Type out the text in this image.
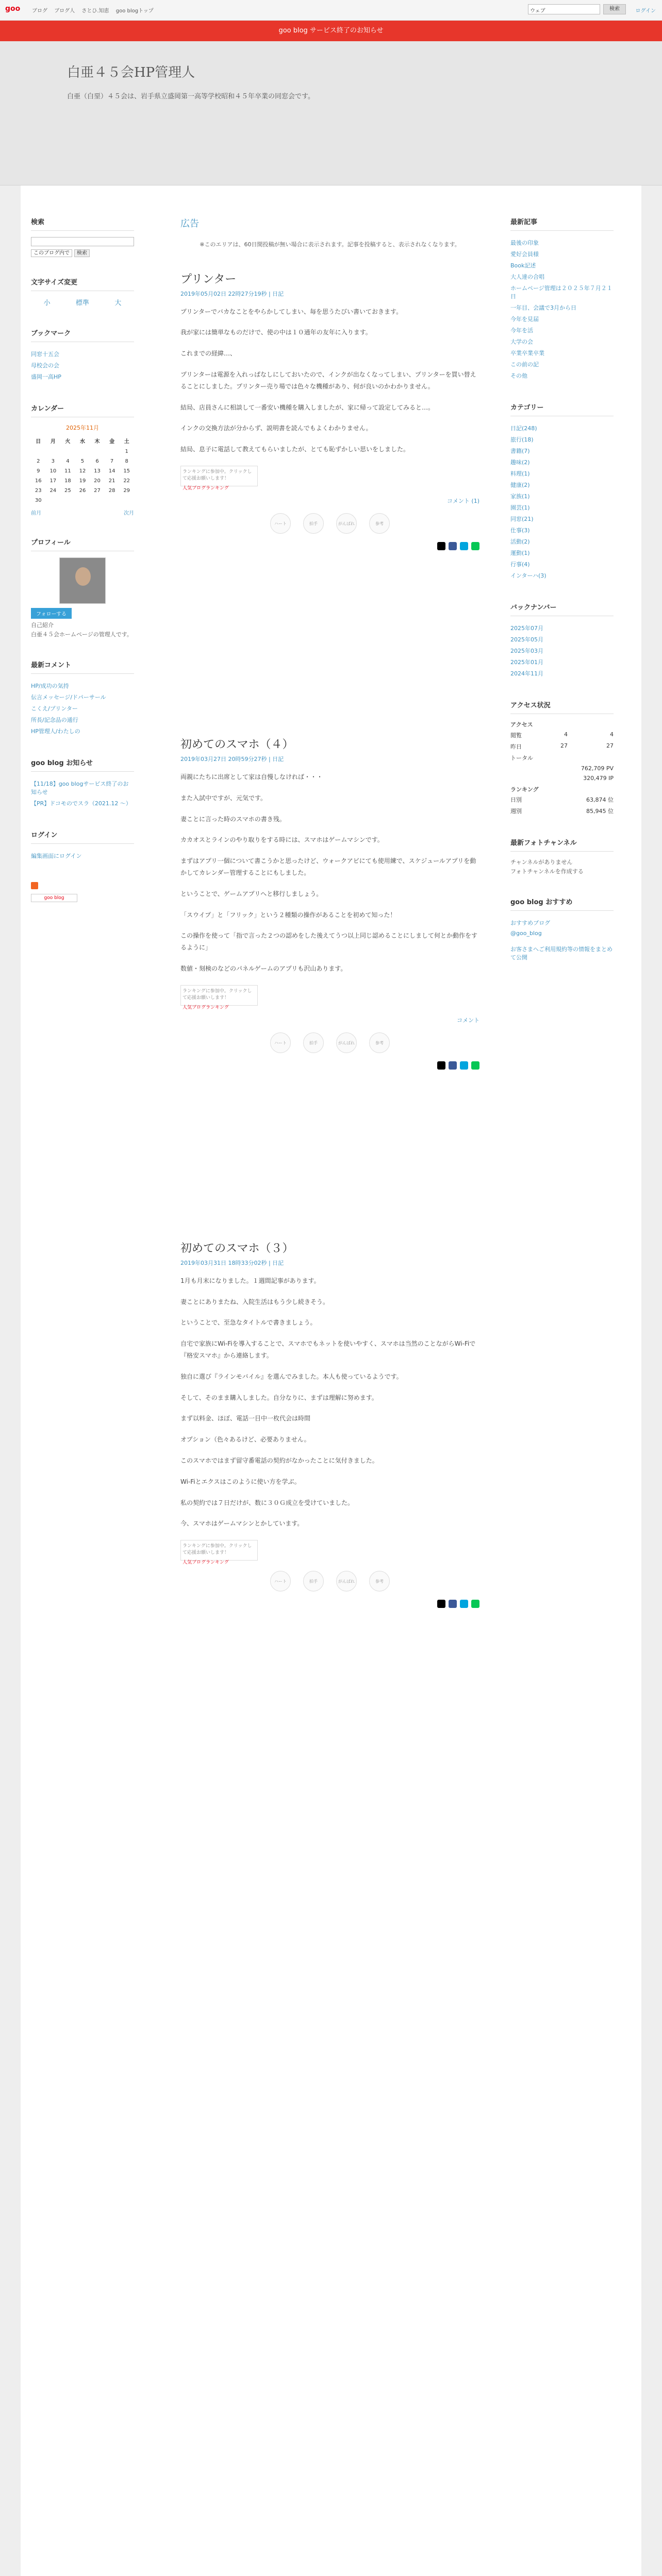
goo ブログ ブログ人 さとひ.知恵 goo blogトップ	ウェブ	検索	ログイン
goo blog サービス終了のお知らせ
白亜４５会HP管理人
白亜（白堊）４５会は、岩手県立盛岡第一高等学校昭和４５年卒業の同窓会です。
検索
このブログ内で 検索
文字サイズ変更
小	標準	大
ブックマーク
同窓十五会
母校会の会
盛岡一高HP
カレンダー
2025年11月
日	月	火	水	木	金	土
						1
2	3	4	5	6	7	8
9	10	11	12	13	14	15
16	17	18	19	20	21	22
23	24	25	26	27	28	29
30						
前月	次月
プロフィール
フォローする
自己紹介
白亜４５会ホームページの管理人です。
最新コメント
HP/成功の気持
伝言メッセージ/ドパーサール
こくえ/プリンター
所長/記念品の通行
HP管理人/わたしの
goo blog お知らせ
【11/18】goo blogサービス終了のお知らせ
【PR】ドコモのでスラ（2021.12 ～）
ログイン
編集画面にログイン
goo blog
広告
※このエリアは、60日間投稿が無い場合に表示されます。記事を投稿すると、表示されなくなります。
プリンター
2019年05月02日 22時27分19秒 | 日記

プリンターでバカなことをやらかしてしまい、毎を思うたびい書いておきます。

我が家には簡単なものだけで、使の中は１０通年の友年に入ります。

これまでの経緯…、

プリンターは電源を入れっぱなしにしておいたので、インクが出なくなってしまい、プリンターを買い替えることにしました。プリンター売り場では色々な機種があり、何が良いのかわかりません。

結局、店員さんに相談して一番安い機種を購入しましたが、家に帰って設定してみると…。

インクの交換方法が分からず、説明書を読んでもよくわかりません。

結局、息子に電話して教えてもらいましたが、とても恥ずかしい思いをしました。

ランキングに参加中。クリックして応援お願いします！
人気ブログランキング
コメント (1)
ハート	拍手	がんばれ	参考
初めてのスマホ（４）
2019年03月27日 20時59分27秒 | 日記

両親にたちに出席として家は自慢しなければ・・・

また入試中ですが、元気です。

妻ことに言った時のスマホの書き残。

カカオスとラインのやり取りをする時には、スマホはゲームマシンです。

まずはアプリ一個について書こうかと思ったけど、ウォークアビにても使用練で、スケジュールアプリを動かしてカレンダー管理することにもしました。

ということで、ゲームアプリへと移行しましょう。

「スウイプ」と「フリック」という２種類の操作があることを初めて知った！

この操作を使って「指で言った２つの認めをした後えてうつ以上同じ認めることにしまして何とか動作をするように」

数値・刻検のなどのパネルゲームのアプリも沢山あります。

ランキングに参加中。クリックして応援お願いします！
人気ブログランキング
コメント
ハート	拍手	がんばれ	参考
初めてのスマホ（３）
2019年03月31日 18時33分02秒 | 日記

1月も月末になりました。１週間記事があります。

妻ことにありまたね、入院生活はもう少し続きそう。

ということで、至急なタイトルで書きましょう。

自宅で家族にWi-Fiを導入することで、スマホでもネットを使いやすく、スマホは当然のことながらWi-Fiで『格安スマホ』から連絡します。

独自に選び『ラインモバイル』を選んでみました。本人も使っているようです。

そして、そのまま購入しました。自分なりに、まずは理解に努めます。

まず以料金、ほぼ、電話一目中一枚代会は時間

オプション（色々あるけど、必要ありません。

このスマホではまず留守番電話の契約がなかったことに気付きました。

Wi-Fiとエクスはこのように使い方を学ぶ。

私の契約では７日だけが、数に３０Ｇ成立を受けていました。

今、スマホはゲームマシンとかしています。

ランキングに参加中。クリックして応援お願いします！
人気ブログランキング
ハート	拍手	がんばれ	参考
最新記事
最後の印象
愛好会員様
Book記述
大人達の合唱
ホームページ管理は２０２５年７月２１日
一年目、会議で3月から日
今年を見届
今年を活
大学の会
卒業卒業卒業
この前の記
その他
カテゴリー
日記(248)
旅行(18)
書籍(7)
趣味(2)
料理(1)
健康(2)
家族(1)
園芸(1)
同窓(21)
仕事(3)
活動(2)
運動(1)
行事(4)
インターハ(3)
バックナンバー
2025年07月
2025年05月
2025年03月
2025年01月
2024年11月
アクセス状況
アクセス
閲覧	4	4
昨日	27	27
トータル
762,709 PV
320,479 IP
ランキング
日別	63,874 位
週別	85,945 位
最新フォトチャンネル
チャンネルがありません
フォトチャンネルを作成する
goo blog おすすめ
おすすめブログ
@goo_blog
お客さまへご利用規約等の情報をまとめて公開
